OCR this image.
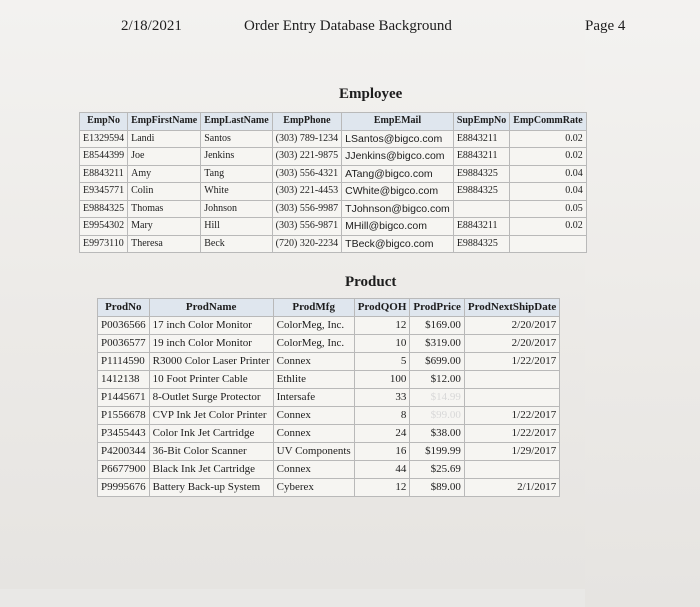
2/18/2021	Order Entry Database Background	Page 4
Employee
EmpNo	EmpFirstName	EmpLastName	EmpPhone	EmpEMail	SupEmpNo	EmpCommRate
E1329594	Landi	Santos	(303) 789-1234	LSantos@bigco.com	E8843211	0.02
E8544399	Joe	Jenkins	(303) 221-9875	JJenkins@bigco.com	E8843211	0.02
E8843211	Amy	Tang	(303) 556-4321	ATang@bigco.com	E9884325	0.04
E9345771	Colin	White	(303) 221-4453	CWhite@bigco.com	E9884325	0.04
E9884325	Thomas	Johnson	(303) 556-9987	TJohnson@bigco.com		0.05
E9954302	Mary	Hill	(303) 556-9871	MHill@bigco.com	E8843211	0.02
E9973110	Theresa	Beck	(720) 320-2234	TBeck@bigco.com	E9884325	
Product
ProdNo	ProdName	ProdMfg	ProdQOH	ProdPrice	ProdNextShipDate
P0036566	17 inch Color Monitor	ColorMeg, Inc.	12	$169.00	2/20/2017
P0036577	19 inch Color Monitor	ColorMeg, Inc.	10	$319.00	2/20/2017
P1114590	R3000 Color Laser Printer	Connex	5	$699.00	1/22/2017
1412138	10 Foot Printer Cable	Ethlite	100	$12.00	
P1445671	8-Outlet Surge Protector	Intersafe	33	$14.99	
P1556678	CVP Ink Jet Color Printer	Connex	8	$99.00	1/22/2017
P3455443	Color Ink Jet Cartridge	Connex	24	$38.00	1/22/2017
P4200344	36-Bit Color Scanner	UV Components	16	$199.99	1/29/2017
P6677900	Black Ink Jet Cartridge	Connex	44	$25.69	
P9995676	Battery Back-up System	Cyberex	12	$89.00	2/1/2017
